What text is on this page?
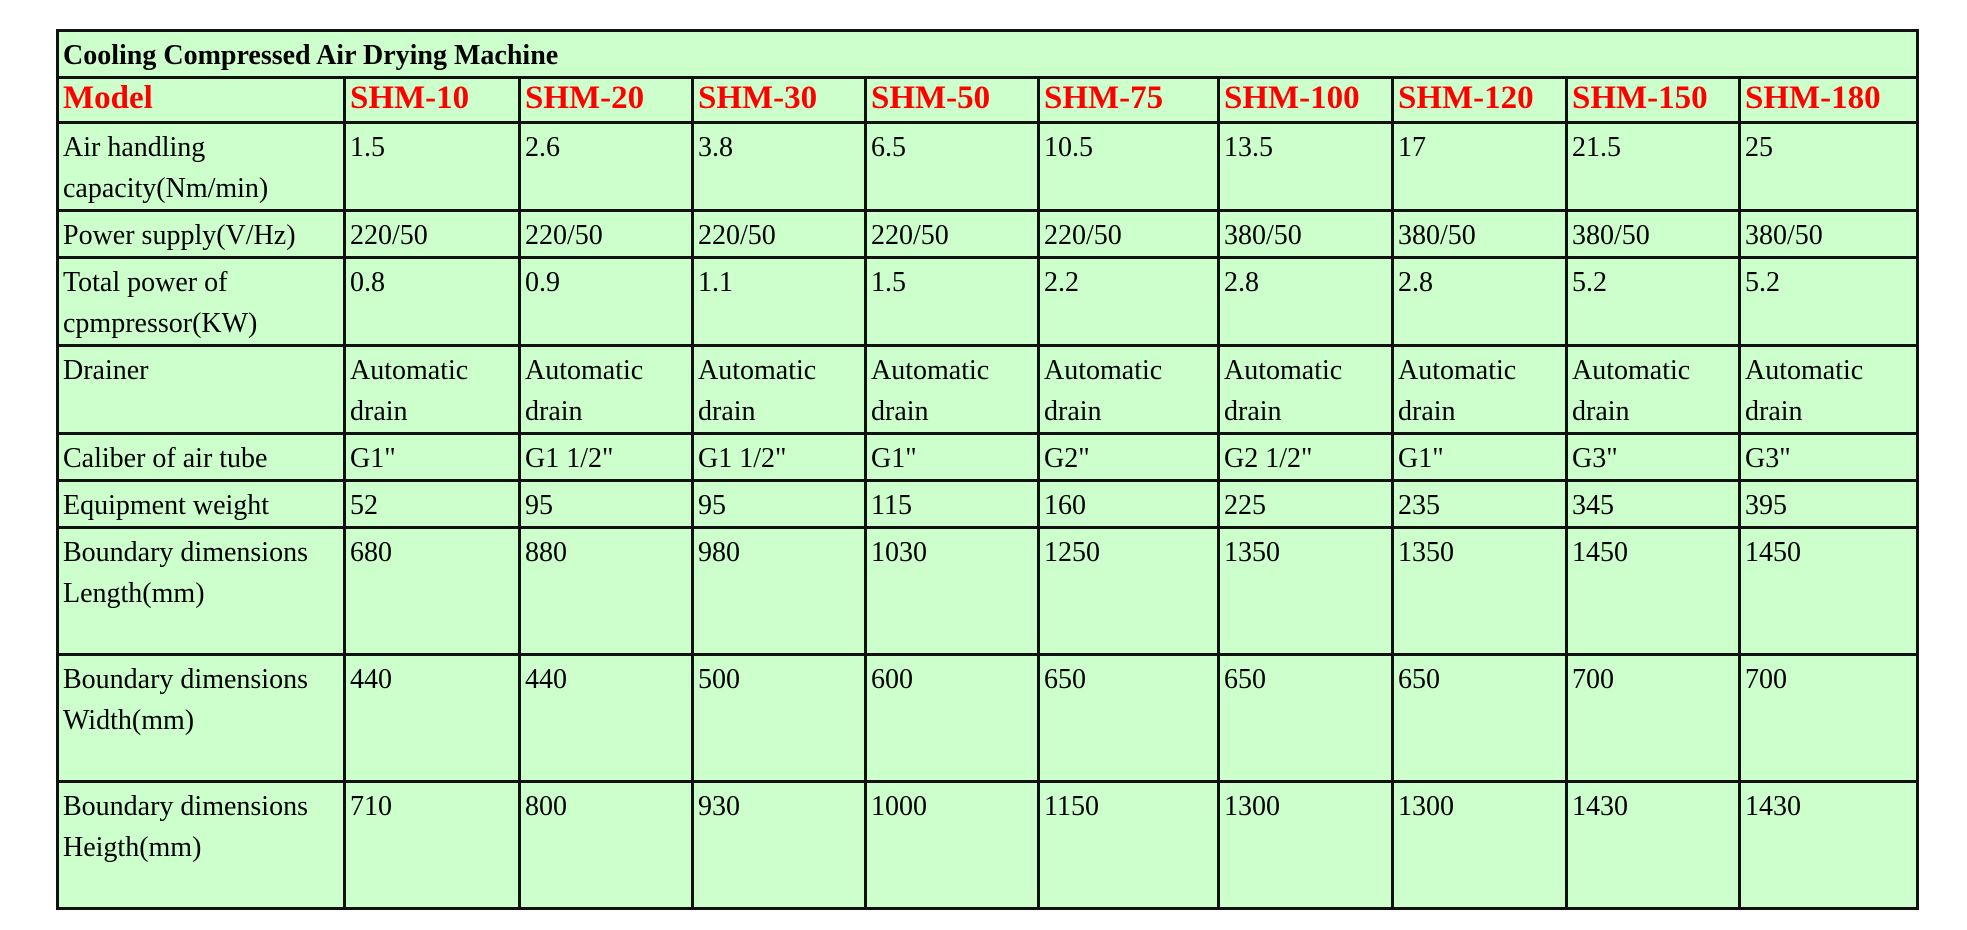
Cooling Compressed Air Drying Machine									
Model	SHM-10	SHM-20	SHM-30	SHM-50	SHM-75	SHM-100	SHM-120	SHM-150	SHM-180
Air handling capacity(Nm/min)	1.5	2.6	3.8	6.5	10.5	13.5	17	21.5	25
Power supply(V/Hz)	220/50	220/50	220/50	220/50	220/50	380/50	380/50	380/50	380/50
Total power of cpmpressor(KW)	0.8	0.9	1.1	1.5	2.2	2.8	2.8	5.2	5.2
Drainer	Automatic drain	Automatic drain	Automatic drain	Automatic drain	Automatic drain	Automatic drain	Automatic drain	Automatic drain	Automatic drain
Caliber of air tube	G1"	G1 1/2"	G1 1/2"	G1"	G2"	G2 1/2"	G1"	G3"	G3"
Equipment weight	52	95	95	115	160	225	235	345	395
Boundary dimensions Length(mm)	680	880	980	1030	1250	1350	1350	1450	1450
Boundary dimensions Width(mm)	440	440	500	600	650	650	650	700	700
Boundary dimensions Heigth(mm)	710	800	930	1000	1150	1300	1300	1430	1430
